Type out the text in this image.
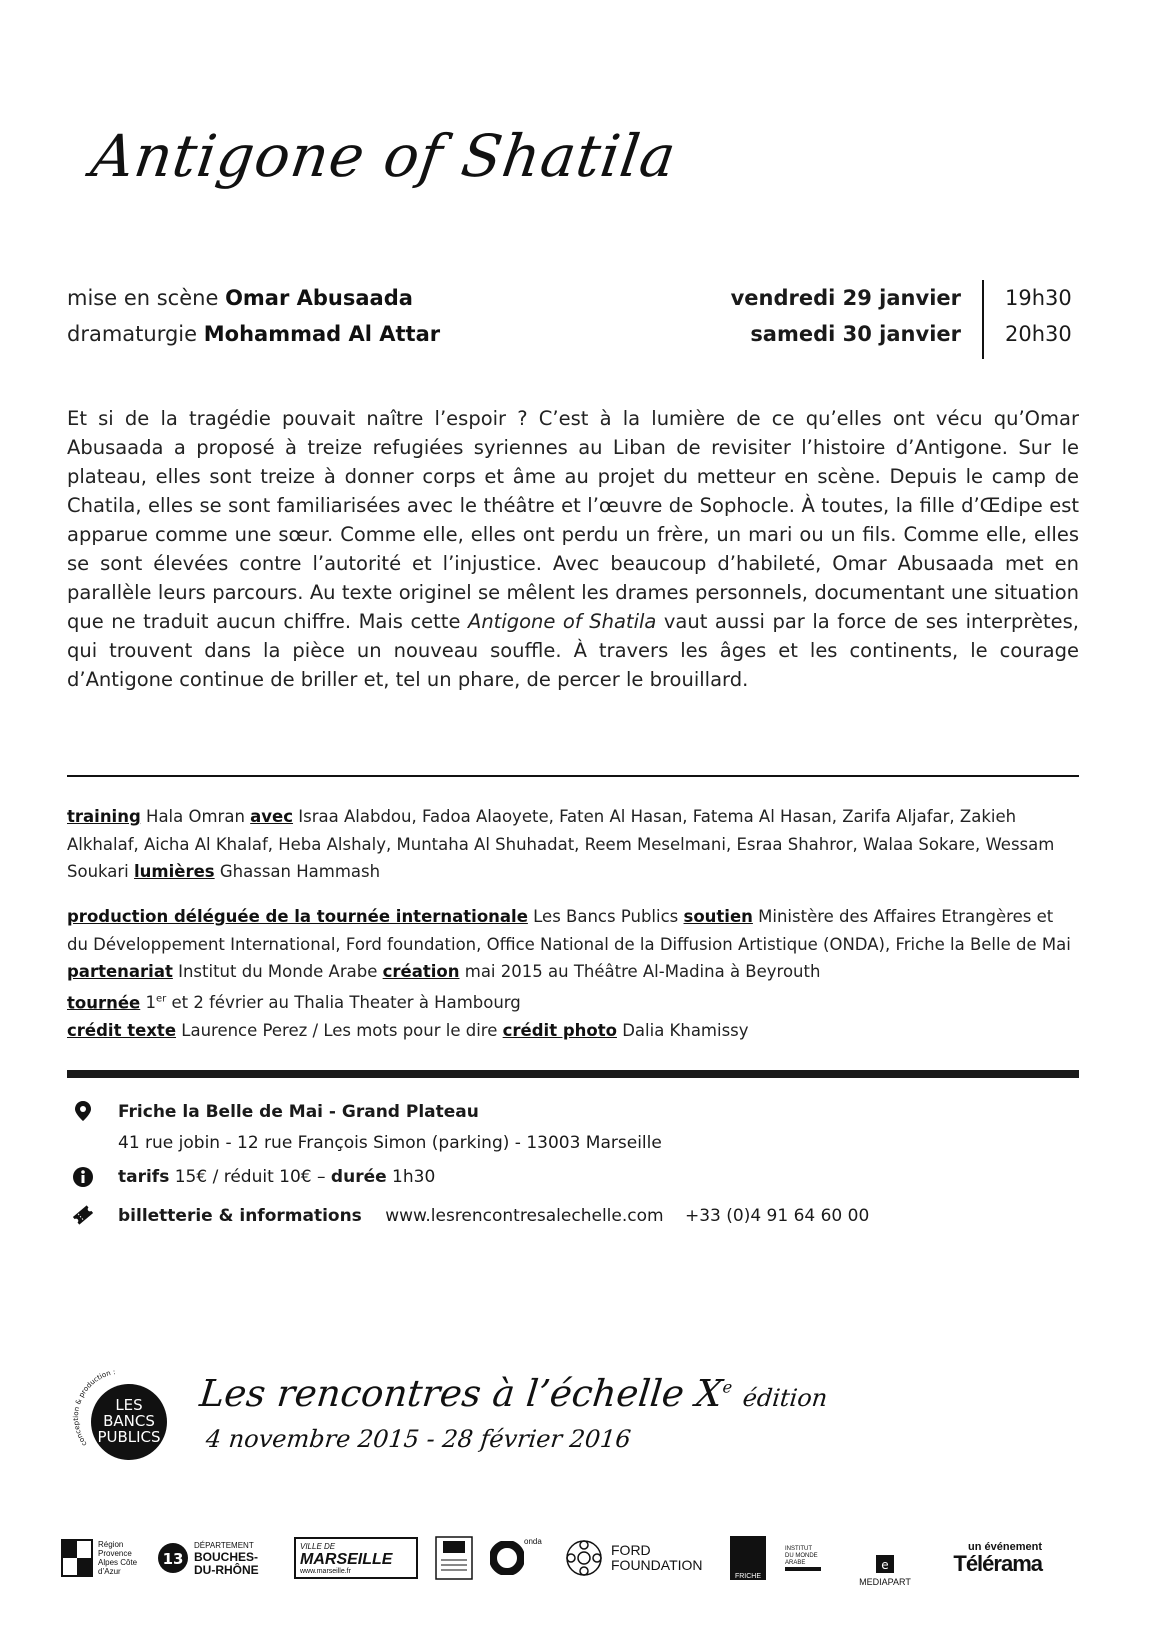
Antigone of Shatila
mise en scène Omar Abusaada
dramaturgie Mohammad Al Attar
vendredi 29 janvier
samedi 30 janvier
19h30
20h30
Et si de la tragédie pouvait naître l’espoir ? C’est à la lumière de ce qu’elles ont vécu qu’Omar Abusaada a proposé à treize refugiées syriennes au Liban de revisiter l’histoire d’Antigone. Sur le plateau, elles sont treize à donner corps et âme au projet du metteur en scène. Depuis le camp de Chatila, elles se sont familiarisées avec le théâtre et l’œuvre de Sophocle. À toutes, la fille d’Œdipe est apparue comme une sœur. Comme elle, elles ont perdu un frère, un mari ou un fils. Comme elle, elles se sont élevées contre l’autorité et l’injustice. Avec beaucoup d’habileté, Omar Abusaada met en parallèle leurs parcours. Au texte originel se mêlent les drames personnels, documentant une situation que ne traduit aucun chiffre. Mais cette Antigone of Shatila vaut aussi par la force de ses interprètes, qui trouvent dans la pièce un nouveau souffle. À travers les âges et les continents, le courage d’Antigone continue de briller et, tel un phare, de percer le brouillard.
training Hala Omran avec Israa Alabdou, Fadoa Alaoyete, Faten Al Hasan, Fatema Al Hasan, Zarifa Aljafar, Zakieh Alkhalaf, Aicha Al Khalaf, Heba Alshaly, Muntaha Al Shuhadat, Reem Meselmani, Esraa Shahror, Walaa Sokare, Wessam Soukari lumières Ghassan Hammash
production déléguée de la tournée internationale Les Bancs Publics soutien Ministère des Affaires Etrangères et du Développement International, Ford foundation, Office National de la Diffusion Artistique (ONDA), Friche la Belle de Mai partenariat Institut du Monde Arabe création mai 2015 au Théâtre Al-Madina à Beyrouth
tournée 1er et 2 février au Thalia Theater à Hambourg
crédit texte Laurence Perez / Les mots pour le dire crédit photo Dalia Khamissy
Friche la Belle de Mai - Grand Plateau
41 rue jobin - 12 rue François Simon (parking) - 13003 Marseille
tarifs 15€ / réduit 10€ – durée 1h30
billetterie & informations www.lesrencontresalechelle.com +33 (0)4 91 64 60 00
conception & production :
LES
BANCS
PUBLICS
Les rencontres à l’échelle Xe édition
4 novembre 2015 - 28 février 2016
Région Provence Alpes Côte d’Azur
13
DÉPARTEMENT
BOUCHES-DU-RHÔNE
VILLE DE
MARSEILLE
www.marseille.fr
onda
FORD FOUNDATION
FRICHE
INSTITUT DU MONDE ARABE	e
MEDIAPART
un événement
Télérama
